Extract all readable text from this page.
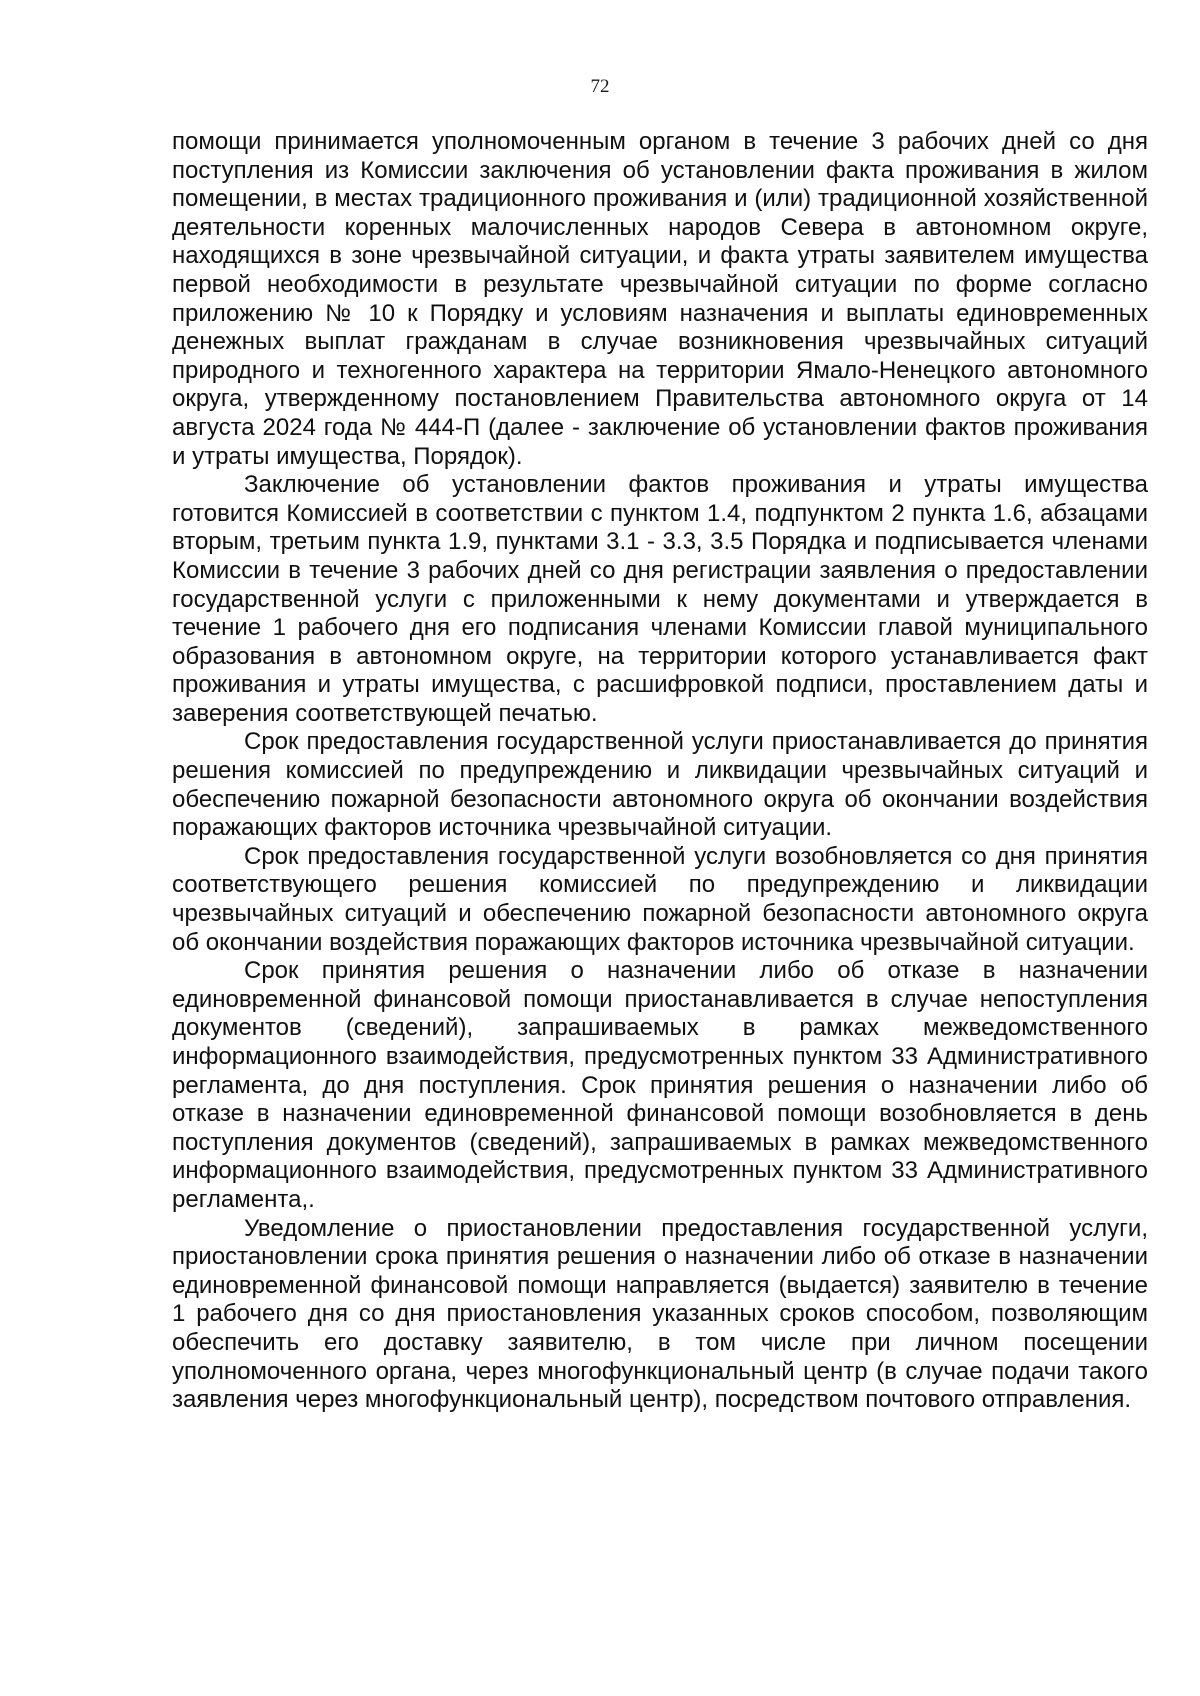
72

помощи принимается уполномоченным органом в течение 3 рабочих дней со дня поступления из Комиссии заключения об установлении факта проживания в жилом помещении, в местах традиционного проживания и (или) традиционной хозяйственной деятельности коренных малочисленных народов Севера в автономном округе, находящихся в зоне чрезвычайной ситуации, и факта утраты заявителем имущества первой необходимости в результате чрезвычайной ситуации по форме согласно приложению № 10 к Порядку и условиям назначения и выплаты единовременных денежных выплат гражданам в случае возникновения чрезвычайных ситуаций природного и техногенного характера на территории Ямало-Ненецкого автономного округа, утвержденному постановлением Правительства автономного округа от 14 августа 2024 года № 444-П (далее - заключение об установлении фактов проживания и утраты имущества, Порядок).

Заключение об установлении фактов проживания и утраты имущества готовится Комиссией в соответствии с пунктом 1.4, подпунктом 2 пункта 1.6, абзацами вторым, третьим пункта 1.9, пунктами 3.1 - 3.3, 3.5 Порядка и подписывается членами Комиссии в течение 3 рабочих дней со дня регистрации заявления о предоставлении государственной услуги с приложенными к нему документами и утверждается в течение 1 рабочего дня его подписания членами Комиссии главой муниципального образования в автономном округе, на территории которого устанавливается факт проживания и утраты имущества, с расшифровкой подписи, проставлением даты и заверения соответствующей печатью.

Срок предоставления государственной услуги приостанавливается до принятия решения комиссией по предупреждению и ликвидации чрезвычайных ситуаций и обеспечению пожарной безопасности автономного округа об окончании воздействия поражающих факторов источника чрезвычайной ситуации.

Срок предоставления государственной услуги возобновляется со дня принятия соответствующего решения комиссией по предупреждению и ликвидации чрезвычайных ситуаций и обеспечению пожарной безопасности автономного округа об окончании воздействия поражающих факторов источника чрезвычайной ситуации.

Срок принятия решения о назначении либо об отказе в назначении единовременной финансовой помощи приостанавливается в случае непоступления документов (сведений), запрашиваемых в рамках межведомственного информационного взаимодействия, предусмотренных пунктом 33 Административного регламента, до дня поступления. Срок принятия решения о назначении либо об отказе в назначении единовременной финансовой помощи возобновляется в день поступления документов (сведений), запрашиваемых в рамках межведомственного информационного взаимодействия, предусмотренных пунктом 33 Административного регламента,.

Уведомление о приостановлении предоставления государственной услуги, приостановлении срока принятия решения о назначении либо об отказе в назначении единовременной финансовой помощи направляется (выдается) заявителю в течение 1 рабочего дня со дня приостановления указанных сроков способом, позволяющим обеспечить его доставку заявителю, в том числе при личном посещении уполномоченного органа, через многофункциональный центр (в случае подачи такого заявления через многофункциональный центр), посредством почтового отправления.
